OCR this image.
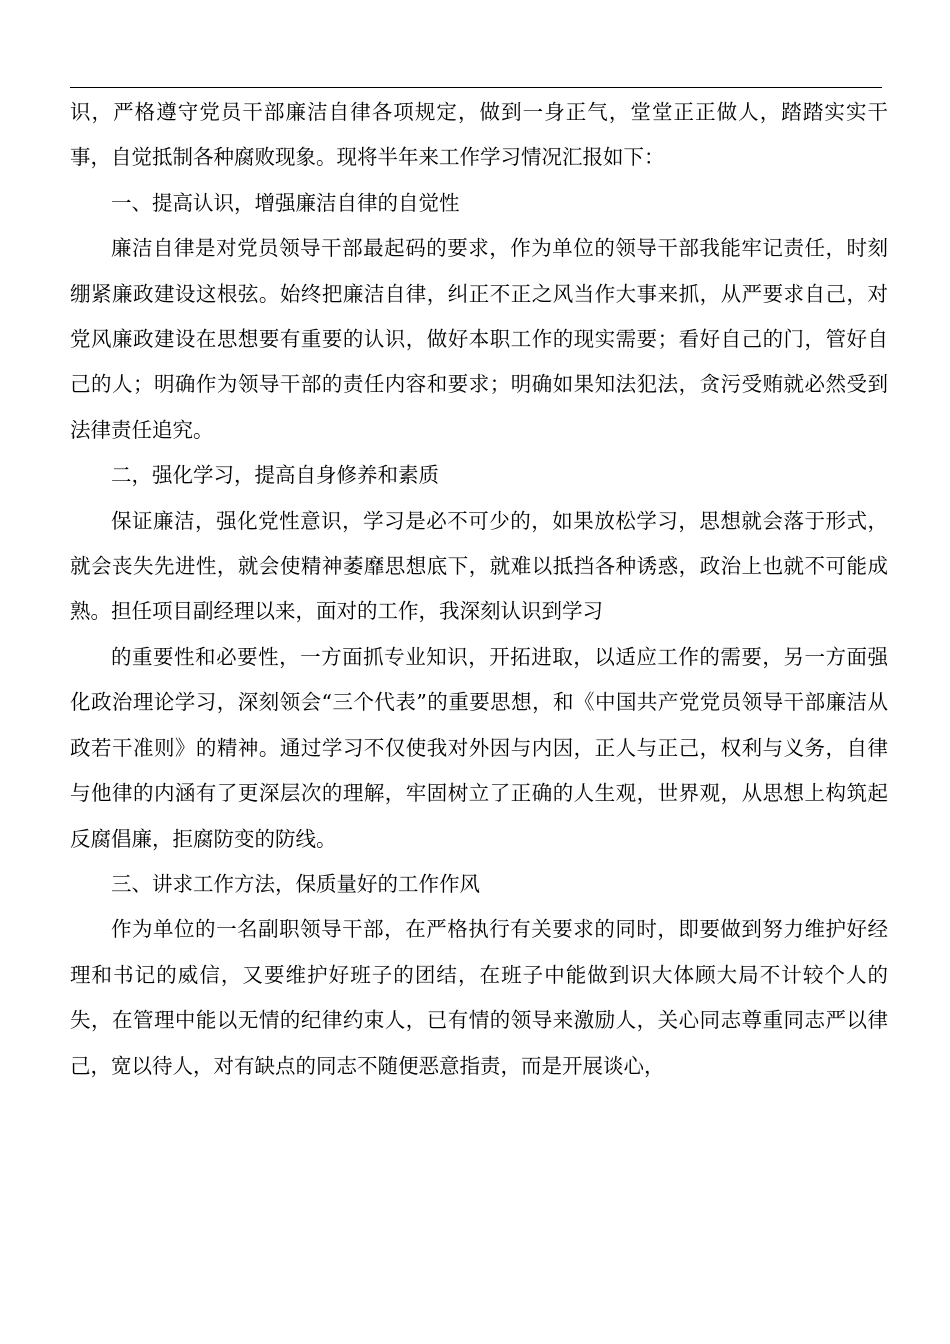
识，严格遵守党员干部廉洁自律各项规定，做到一身正气，堂堂正正做人，踏踏实实干事，自觉抵制各种腐败现象。现将半年来工作学习情况汇报如下：

一、提高认识，增强廉洁自律的自觉性

廉洁自律是对党员领导干部最起码的要求，作为单位的领导干部我能牢记责任，时刻绷紧廉政建设这根弦。始终把廉洁自律，纠正不正之风当作大事来抓，从严要求自己，对党风廉政建设在思想要有重要的认识，做好本职工作的现实需要；看好自己的门，管好自己的人；明确作为领导干部的责任内容和要求；明确如果知法犯法，贪污受贿就必然受到法律责任追究。

二，强化学习，提高自身修养和素质

保证廉洁，强化党性意识，学习是必不可少的，如果放松学习，思想就会落于形式，就会丧失先进性，就会使精神萎靡思想底下，就难以抵挡各种诱惑，政治上也就不可能成熟。担任项目副经理以来，面对的工作，我深刻认识到学习

的重要性和必要性，一方面抓专业知识，开拓进取，以适应工作的需要，另一方面强化政治理论学习，深刻领会“三个代表”的重要思想，和《中国共产党党员领导干部廉洁从政若干准则》的精神。通过学习不仅使我对外因与内因，正人与正己，权利与义务，自律与他律的内涵有了更深层次的理解，牢固树立了正确的人生观，世界观，从思想上构筑起反腐倡廉，拒腐防变的防线。

三、讲求工作方法，保质量好的工作作风

作为单位的一名副职领导干部，在严格执行有关要求的同时，即要做到努力维护好经理和书记的威信，又要维护好班子的团结，在班子中能做到识大体顾大局不计较个人的失，在管理中能以无情的纪律约束人，已有情的领导来激励人，关心同志尊重同志严以律己，宽以待人，对有缺点的同志不随便恶意指责，而是开展谈心，
